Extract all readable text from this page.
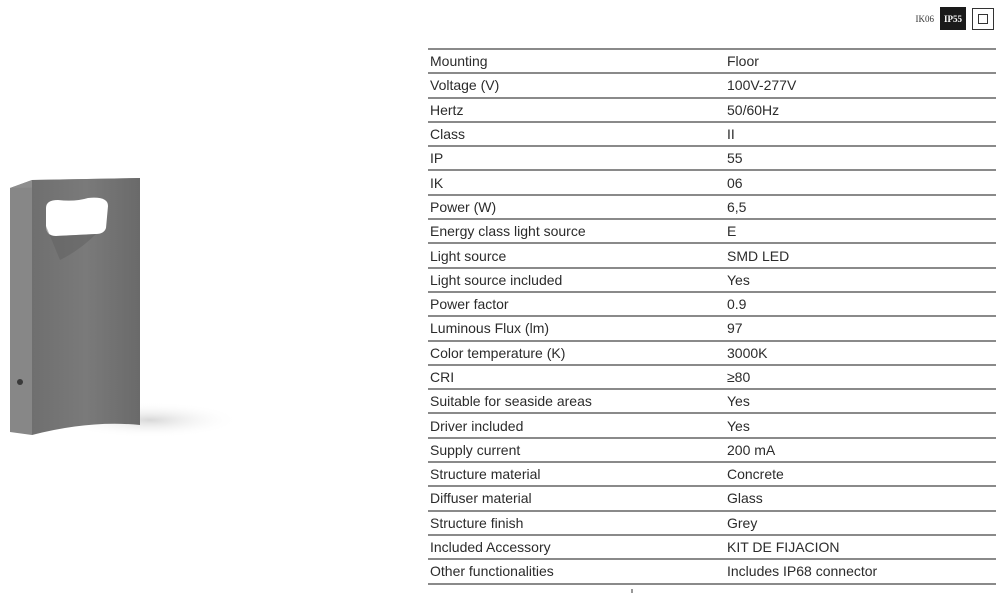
IK06	IP55
Mounting	Floor
Voltage (V)	100V-277V
Hertz	50/60Hz
Class	II
IP	55
IK	06
Power (W)	6,5
Energy class light source	E
Light source	SMD LED
Light source included	Yes
Power factor	0.9
Luminous Flux (lm)	97
Color temperature (K)	3000K
CRI	≥80
Suitable for seaside areas	Yes
Driver included	Yes
Supply current	200 mA
Structure material	Concrete
Diffuser material	Glass
Structure finish	Grey
Included Accessory	KIT DE FIJACION
Other functionalities	Includes IP68 connector
